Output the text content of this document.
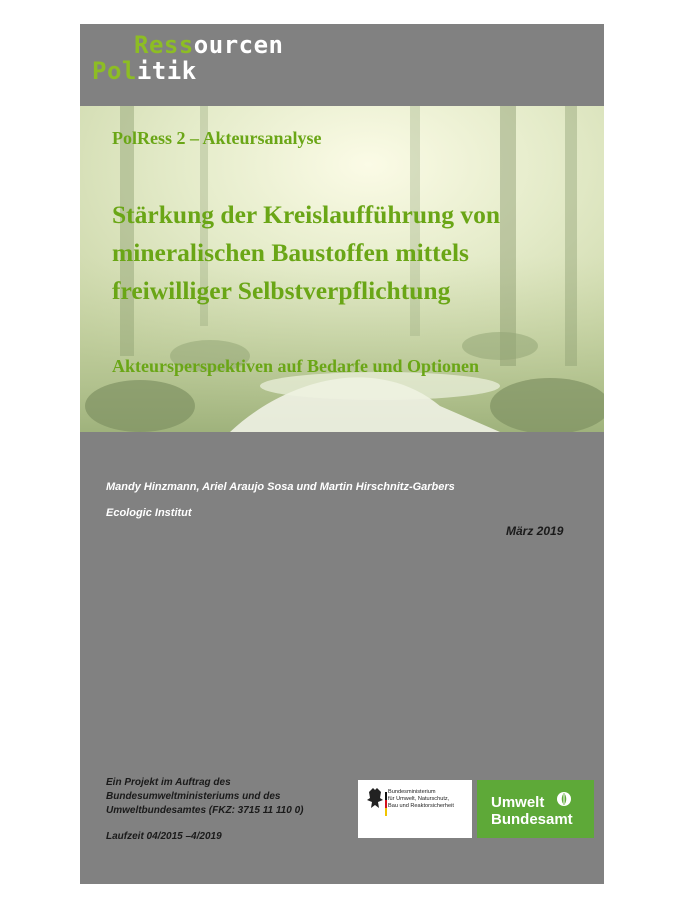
Ressourcen
Politik
PolRess 2 – Akteursanalyse
Stärkung der Kreislaufführung von
mineralischen Baustoffen mittels
freiwilliger Selbstverpflichtung
Akteursperspektiven auf Bedarfe und Optionen
Mandy Hinzmann, Ariel Araujo Sosa und Martin Hirschnitz-Garbers
Ecologic Institut
März 2019
Ein Projekt im Auftrag des
Bundesumweltministeriums und des
Umweltbundesamtes (FKZ: 3715 11 110 0)
Laufzeit 04/2015 –4/2019
Bundesministerium
für Umwelt, Naturschutz,
Bau und Reaktorsicherheit	Umwelt
Bundesamt
